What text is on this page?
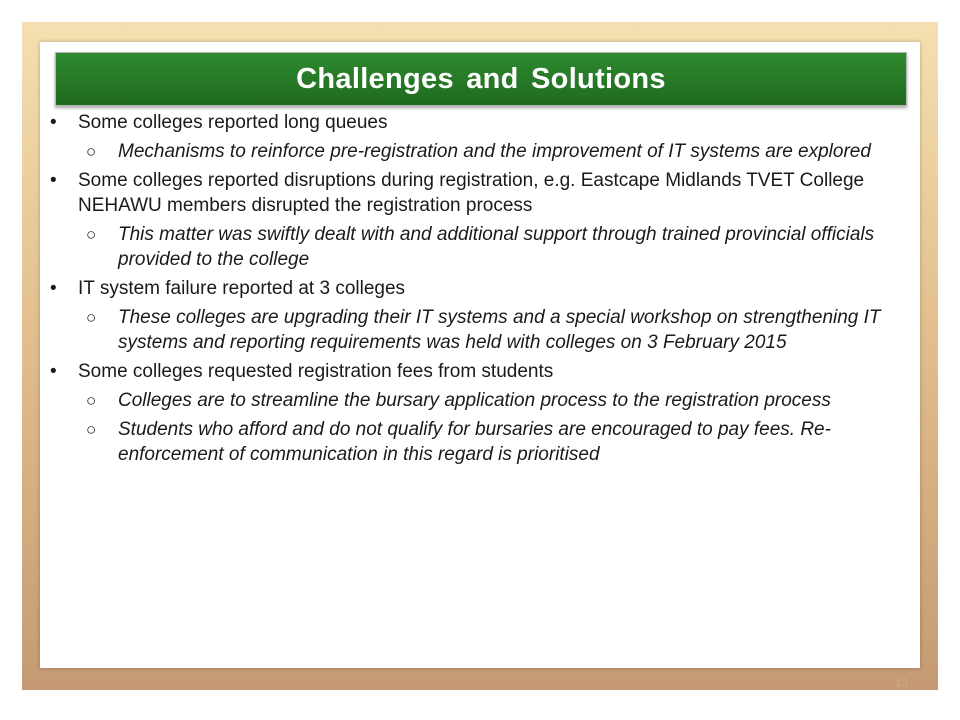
Challenges and Solutions
• Some colleges reported long queues
○ Mechanisms to reinforce pre-registration and the improvement of IT systems are explored
• Some colleges reported disruptions during registration, e.g. Eastcape Midlands TVET College NEHAWU members disrupted the registration process
○ This matter was swiftly dealt with and additional support through trained provincial officials provided to the college
• IT system failure reported at 3 colleges
○ These colleges are upgrading their IT systems and a special workshop on strengthening IT systems and reporting requirements was held with colleges on 3 February 2015
• Some colleges requested registration fees from students
○ Colleges are to streamline the bursary application process to the registration process
○ Students who afford and do not qualify for bursaries are encouraged to pay fees. Re-enforcement of communication in this regard is prioritised
13
